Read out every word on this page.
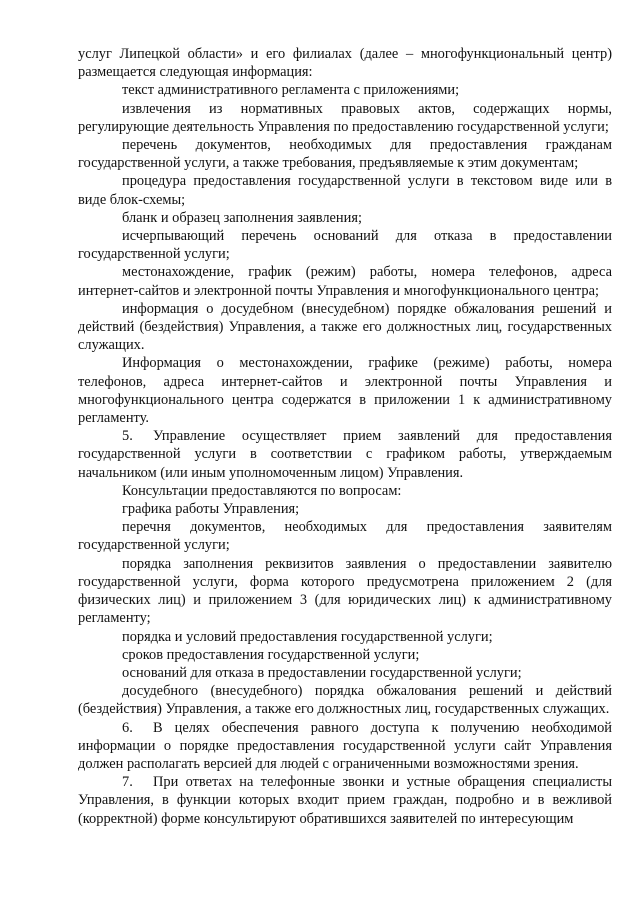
услуг Липецкой области» и его филиалах (далее – многофункциональный центр) размещается следующая информация:

текст административного регламента с приложениями;

извлечения из нормативных правовых актов, содержащих нормы, регулирующие деятельность Управления по предоставлению государственной услуги;

перечень документов, необходимых для предоставления гражданам государственной услуги, а также требования, предъявляемые к этим документам;

процедура предоставления государственной услуги в текстовом виде или в виде блок-схемы;

бланк и образец заполнения заявления;

исчерпывающий перечень оснований для отказа в предоставлении государственной услуги;

местонахождение, график (режим) работы, номера телефонов, адреса интернет-сайтов и электронной почты Управления и многофункционального центра;

информация о досудебном (внесудебном) порядке обжалования решений и действий (бездействия) Управления, а также его должностных лиц, государственных служащих.

Информация о местонахождении, графике (режиме) работы, номера телефонов, адреса интернет-сайтов и электронной почты Управления и многофункционального центра содержатся в приложении 1 к административному регламенту.

5. Управление осуществляет прием заявлений для предоставления государственной услуги в соответствии с графиком работы, утверждаемым начальником (или иным уполномоченным лицом) Управления.

Консультации предоставляются по вопросам:

графика работы Управления;

перечня документов, необходимых для предоставления заявителям государственной услуги;

порядка заполнения реквизитов заявления о предоставлении заявителю государственной услуги, форма которого предусмотрена приложением 2 (для физических лиц) и приложением 3 (для юридических лиц) к административному регламенту;

порядка и условий предоставления государственной услуги;

сроков предоставления государственной услуги;

оснований для отказа в предоставлении государственной услуги;

досудебного (внесудебного) порядка обжалования решений и действий (бездействия) Управления, а также его должностных лиц, государственных служащих.

6. В целях обеспечения равного доступа к получению необходимой информации о порядке предоставления государственной услуги сайт Управления должен располагать версией для людей с ограниченными возможностями зрения.

7. При ответах на телефонные звонки и устные обращения специалисты Управления, в функции которых входит прием граждан, подробно и в вежливой (корректной) форме консультируют обратившихся заявителей по интересующим
